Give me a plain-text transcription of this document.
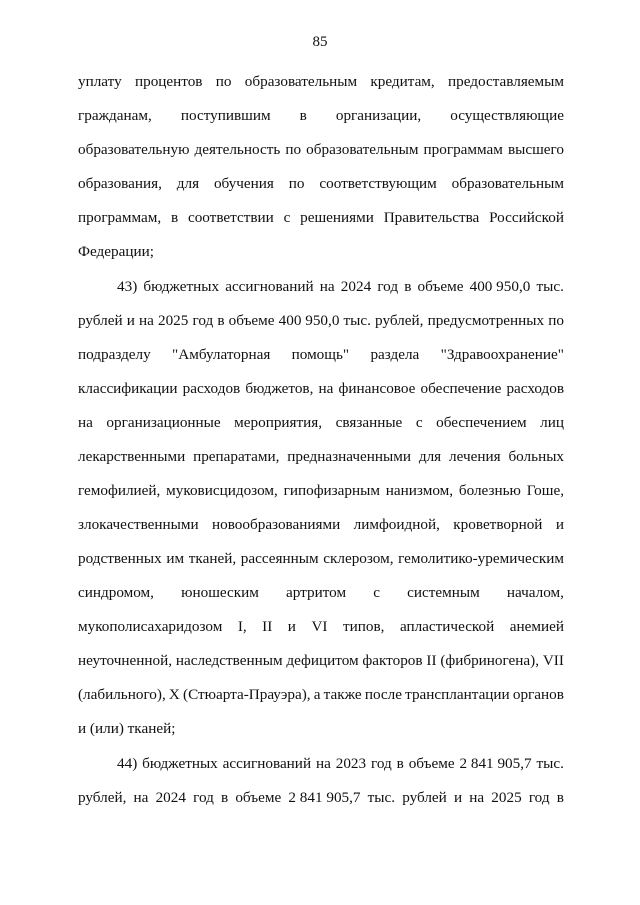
85
уплату процентов по образовательным кредитам, предоставляемым
гражданам, поступившим в организации, осуществляющие
образовательную деятельность по образовательным программам высшего
образования, для обучения по соответствующим образовательным
программам, в соответствии с решениями Правительства Российской
Федерации;
43) бюджетных ассигнований на 2024 год в объеме 400 950,0 тыс.
рублей и на 2025 год в объеме 400 950,0 тыс. рублей, предусмотренных по
подразделу "Амбулаторная помощь" раздела "Здравоохранение"
классификации расходов бюджетов, на финансовое обеспечение расходов
на организационные мероприятия, связанные с обеспечением лиц
лекарственными препаратами, предназначенными для лечения больных
гемофилией, муковисцидозом, гипофизарным нанизмом, болезнью Гоше,
злокачественными новообразованиями лимфоидной, кроветворной и
родственных им тканей, рассеянным склерозом, гемолитико-уремическим
синдромом, юношеским артритом с системным началом,
мукополисахаридозом I, II и VI типов, апластической анемией
неуточненной, наследственным дефицитом факторов II (фибриногена), VII
(лабильного), X (Стюарта-Прауэра), а также после трансплантации органов
и (или) тканей;
44) бюджетных ассигнований на 2023 год в объеме 2 841 905,7 тыс.
рублей, на 2024 год в объеме 2 841 905,7 тыс. рублей и на 2025 год в
